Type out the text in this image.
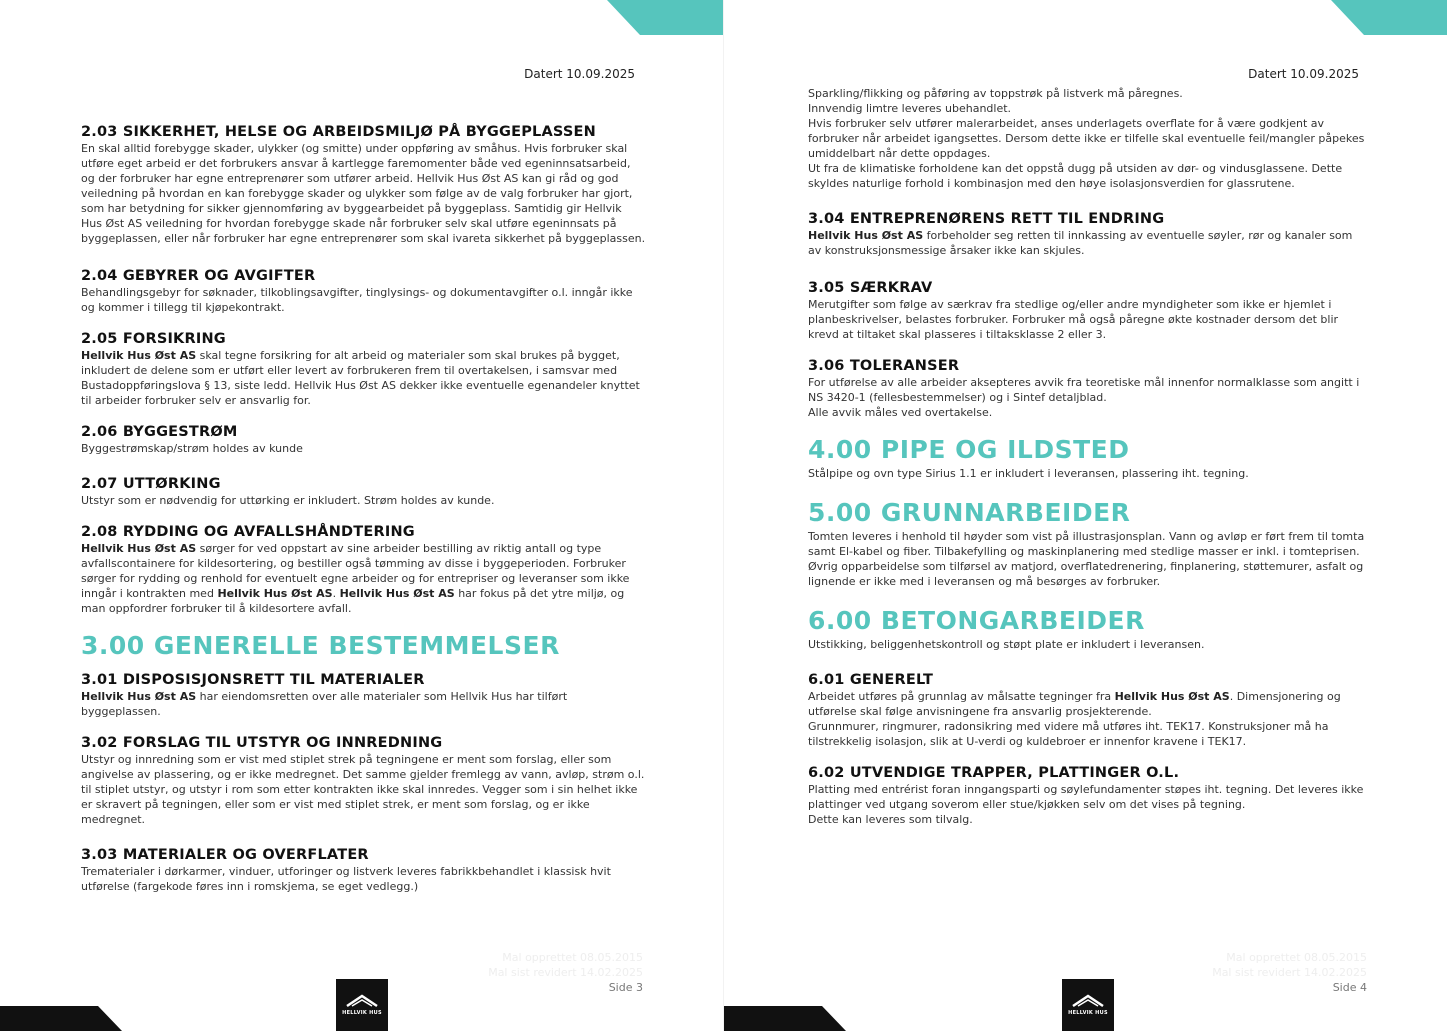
Datert 10.09.2025
2.03 SIKKERHET, HELSE OG ARBEIDSMILJØ PÅ BYGGEPLASSEN

En skal alltid forebygge skader, ulykker (og smitte) under oppføring av småhus. Hvis forbruker skal utføre eget arbeid er det forbrukers ansvar å kartlegge faremomenter både ved egeninnsatsarbeid, og der forbruker har egne entreprenører som utfører arbeid. Hellvik Hus Øst AS kan gi råd og god veiledning på hvordan en kan forebygge skader og ulykker som følge av de valg forbruker har gjort, som har betydning for sikker gjennomføring av byggearbeidet på byggeplass. Samtidig gir Hellvik Hus Øst AS veiledning for hvordan forebygge skade når forbruker selv skal utføre egeninnsats på byggeplassen, eller når forbruker har egne entreprenører som skal ivareta sikkerhet på byggeplassen.

2.04 GEBYRER OG AVGIFTER

Behandlingsgebyr for søknader, tilkoblingsavgifter, tinglysings- og dokumentavgifter o.l. inngår ikke og kommer i tillegg til kjøpekontrakt.

2.05 FORSIKRING

Hellvik Hus Øst AS skal tegne forsikring for alt arbeid og materialer som skal brukes på bygget, inkludert de delene som er utført eller levert av forbrukeren frem til overtakelsen, i samsvar med Bustadoppføringslova § 13, siste ledd. Hellvik Hus Øst AS dekker ikke eventuelle egenandeler knyttet til arbeider forbruker selv er ansvarlig for.

2.06 BYGGESTRØM

Byggestrømskap/strøm holdes av kunde

2.07 UTTØRKING

Utstyr som er nødvendig for uttørking er inkludert. Strøm holdes av kunde.

2.08 RYDDING OG AVFALLSHÅNDTERING

Hellvik Hus Øst AS sørger for ved oppstart av sine arbeider bestilling av riktig antall og type avfallscontainere for kildesortering, og bestiller også tømming av disse i byggeperioden. Forbruker sørger for rydding og renhold for eventuelt egne arbeider og for entrepriser og leveranser som ikke inngår i kontrakten med Hellvik Hus Øst AS. Hellvik Hus Øst AS har fokus på det ytre miljø, og man oppfordrer forbruker til å kildesortere avfall.

3.00 GENERELLE BESTEMMELSER
3.01 DISPOSISJONSRETT TIL MATERIALER

Hellvik Hus Øst AS har eiendomsretten over alle materialer som Hellvik Hus har tilført byggeplassen.

3.02 FORSLAG TIL UTSTYR OG INNREDNING

Utstyr og innredning som er vist med stiplet strek på tegningene er ment som forslag, eller som angivelse av plassering, og er ikke medregnet. Det samme gjelder fremlegg av vann, avløp, strøm o.l. til stiplet utstyr, og utstyr i rom som etter kontrakten ikke skal innredes. Vegger som i sin helhet ikke er skravert på tegningen, eller som er vist med stiplet strek, er ment som forslag, og er ikke medregnet.

3.03 MATERIALER OG OVERFLATER

Trematerialer i dørkarmer, vinduer, utforinger og listverk leveres fabrikkbehandlet i klassisk hvit utførelse (fargekode føres inn i romskjema, se eget vedlegg.)

Mal opprettet 08.05.2015
Mal sist revidert 14.02.2025
Side 3
HELLVIK HUS
Datert 10.09.2025

Sparkling/flikking og påføring av toppstrøk på listverk må påregnes.
Innvendig limtre leveres ubehandlet.
Hvis forbruker selv utfører malerarbeidet, anses underlagets overflate for å være godkjent av forbruker når arbeidet igangsettes. Dersom dette ikke er tilfelle skal eventuelle feil/mangler påpekes umiddelbart når dette oppdages.
Ut fra de klimatiske forholdene kan det oppstå dugg på utsiden av dør- og vindusglassene. Dette skyldes naturlige forhold i kombinasjon med den høye isolasjonsverdien for glassrutene.

3.04 ENTREPRENØRENS RETT TIL ENDRING

Hellvik Hus Øst AS forbeholder seg retten til innkassing av eventuelle søyler, rør og kanaler som av konstruksjonsmessige årsaker ikke kan skjules.

3.05 SÆRKRAV

Merutgifter som følge av særkrav fra stedlige og/eller andre myndigheter som ikke er hjemlet i planbeskrivelser, belastes forbruker. Forbruker må også påregne økte kostnader dersom det blir krevd at tiltaket skal plasseres i tiltaksklasse 2 eller 3.

3.06 TOLERANSER

For utførelse av alle arbeider aksepteres avvik fra teoretiske mål innenfor normalklasse som angitt i NS 3420-1 (fellesbestemmelser) og i Sintef detaljblad.
Alle avvik måles ved overtakelse.

4.00 PIPE OG ILDSTED

Stålpipe og ovn type Sirius 1.1 er inkludert i leveransen, plassering iht. tegning.

5.00 GRUNNARBEIDER

Tomten leveres i henhold til høyder som vist på illustrasjonsplan. Vann og avløp er ført frem til tomta samt El-kabel og fiber. Tilbakefylling og maskinplanering med stedlige masser er inkl. i tomteprisen. Øvrig opparbeidelse som tilførsel av matjord, overflatedrenering, finplanering, støttemurer, asfalt og lignende er ikke med i leveransen og må besørges av forbruker.

6.00 BETONGARBEIDER

Utstikking, beliggenhetskontroll og støpt plate er inkludert i leveransen.

6.01 GENERELT

Arbeidet utføres på grunnlag av målsatte tegninger fra Hellvik Hus Øst AS. Dimensjonering og utførelse skal følge anvisningene fra ansvarlig prosjekterende.
Grunnmurer, ringmurer, radonsikring med videre må utføres iht. TEK17. Konstruksjoner må ha tilstrekkelig isolasjon, slik at U-verdi og kuldebroer er innenfor kravene i TEK17.

6.02 UTVENDIGE TRAPPER, PLATTINGER O.L.

Platting med entrérist foran inngangsparti og søylefundamenter støpes iht. tegning. Det leveres ikke plattinger ved utgang soverom eller stue/kjøkken selv om det vises på tegning.
Dette kan leveres som tilvalg.

Mal opprettet 08.05.2015
Mal sist revidert 14.02.2025
Side 4
HELLVIK HUS
